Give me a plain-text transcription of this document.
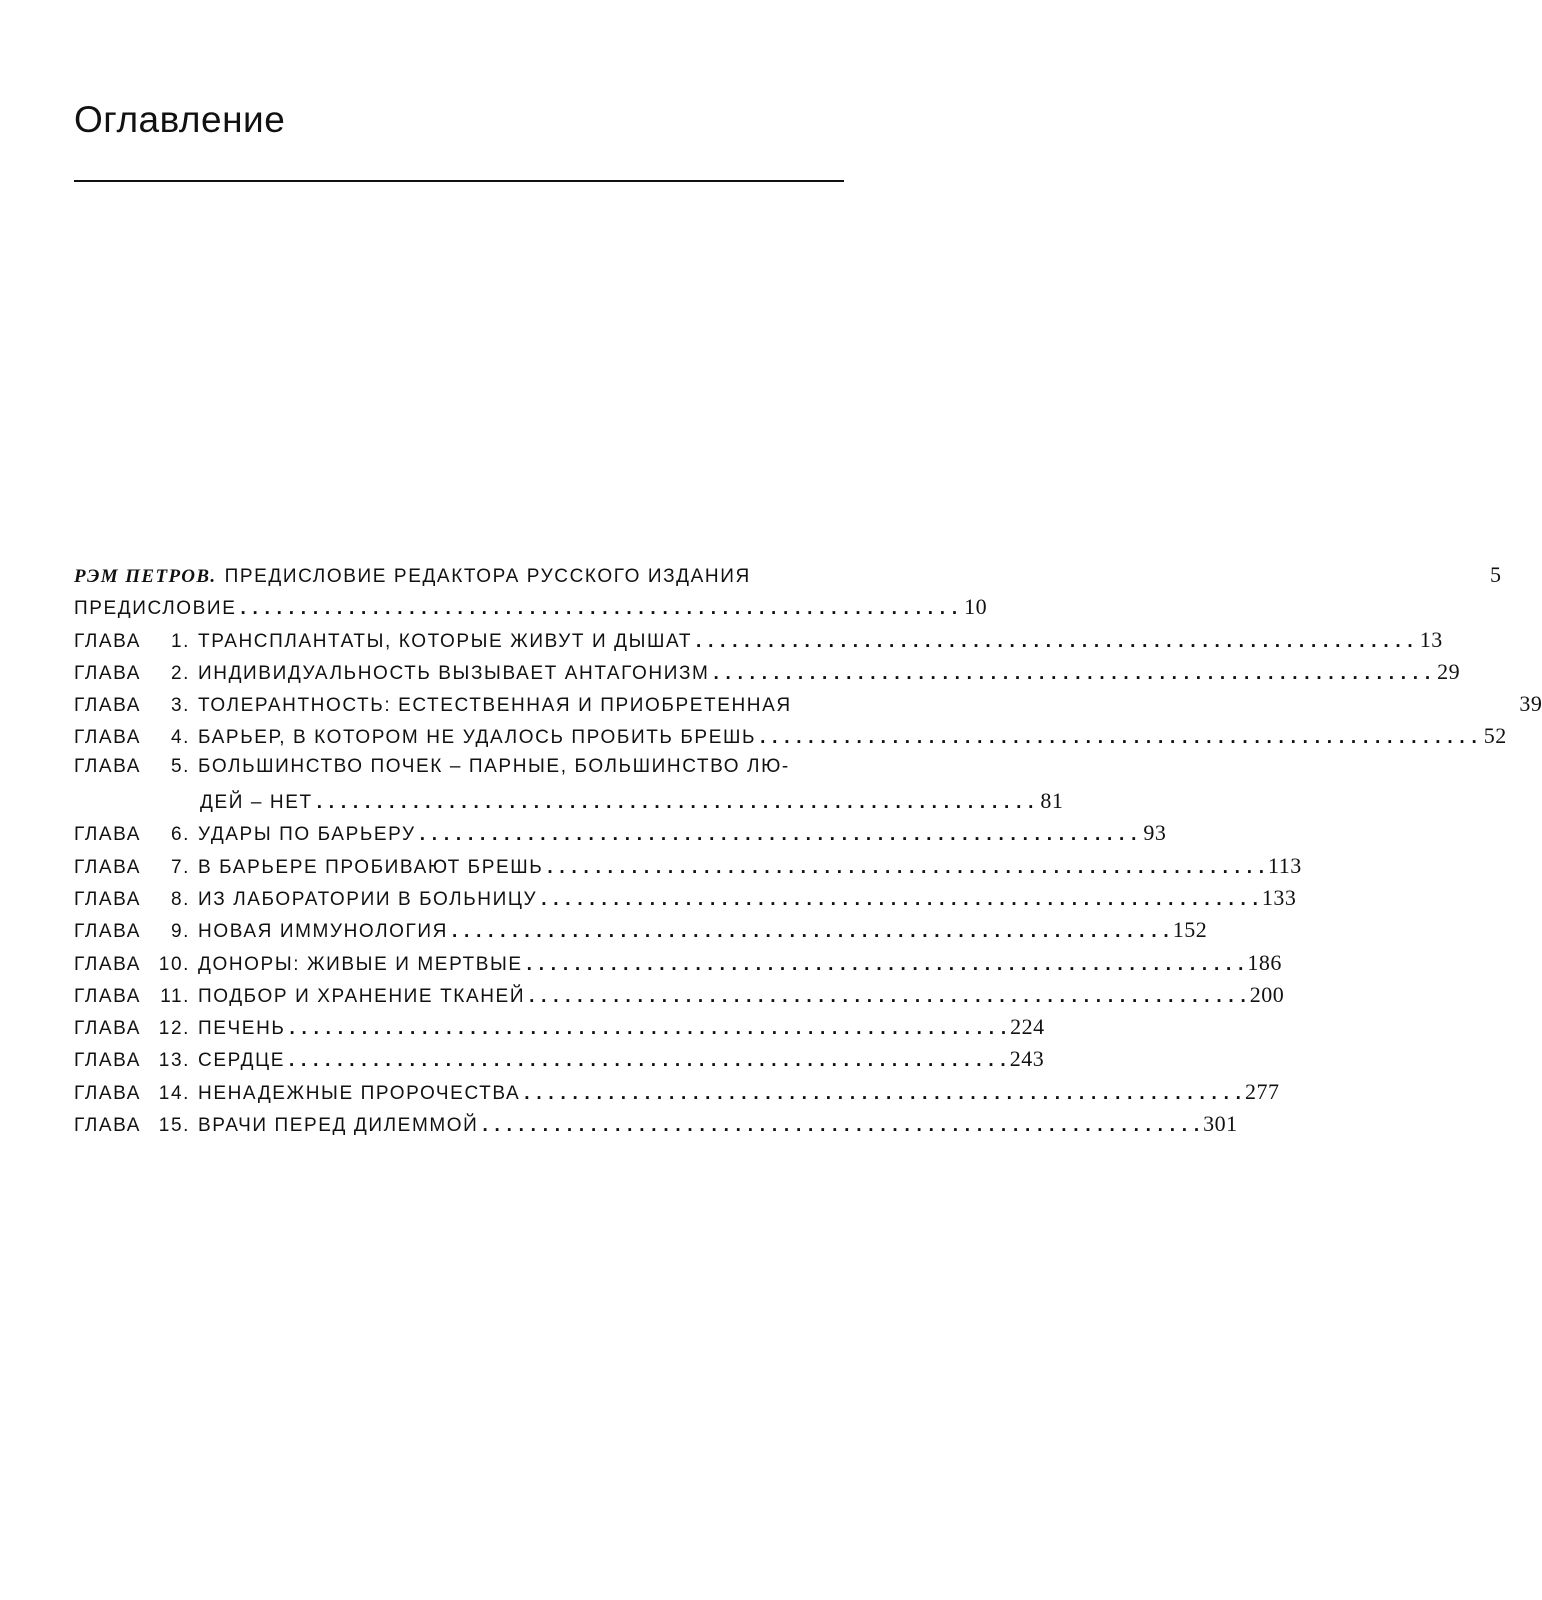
Оглавление
РЭМ ПЕТРОВ. ПРЕДИСЛОВИЕ РЕДАКТОРА РУССКОГО ИЗДАНИЯ	5
ПРЕДИСЛОВИЕ . . .	10
ГЛАВА	1. ТРАНСПЛАНТАТЫ, КОТОРЫЕ ЖИВУТ И ДЫШАТ . . .	13
ГЛАВА	2. ИНДИВИДУАЛЬНОСТЬ ВЫЗЫВАЕТ АНТАГОНИЗМ . . .	29
ГЛАВА	3. ТОЛЕРАНТНОСТЬ: ЕСТЕСТВЕННАЯ И ПРИОБРЕТЕННАЯ	39
ГЛАВА	4. БАРЬЕР, В КОТОРОМ НЕ УДАЛОСЬ ПРОБИТЬ БРЕШЬ . . .	52
ГЛАВА	5. БОЛЬШИНСТВО ПОЧЕК – ПАРНЫЕ, БОЛЬШИНСТВО ЛЮ-
ДЕЙ – НЕТ . . .	81
ГЛАВА	6. УДАРЫ ПО БАРЬЕРУ . . .	93
ГЛАВА	7. В БАРЬЕРЕ ПРОБИВАЮТ БРЕШЬ . . .	113
ГЛАВА	8. ИЗ ЛАБОРАТОРИИ В БОЛЬНИЦУ . . .	133
ГЛАВА	9. НОВАЯ ИММУНОЛОГИЯ . . .	152
ГЛАВА 10. ДОНОРЫ: ЖИВЫЕ И МЕРТВЫЕ . . .	186
ГЛАВА	11. ПОДБОР И ХРАНЕНИЕ ТКАНЕЙ . . .	200
ГЛАВА 12. ПЕЧЕНЬ . . .	224
ГЛАВА 13. СЕРДЦЕ . . .	243
ГЛАВА 14. НЕНАДЕЖНЫЕ ПРОРОЧЕСТВА . . .	277
ГЛАВА 15. ВРАЧИ ПЕРЕД ДИЛЕММОЙ . . .	301
